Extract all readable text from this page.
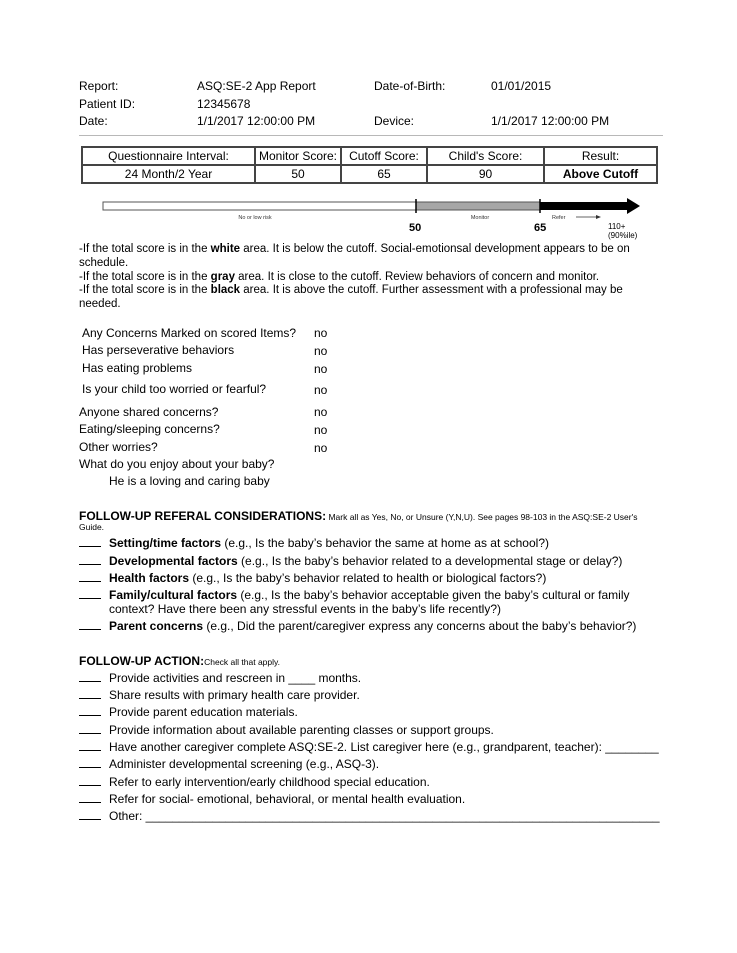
Report:	ASQ:SE-2 App Report	Date-of-Birth:	01/01/2015
Patient ID:	12345678
Date:	1/1/2017 12:00:00 PM	Device:	1/1/2017 12:00:00 PM
Questionnaire Interval:	Monitor Score:	Cutoff Score:	Child's Score:	Result:
24 Month/2 Year	50	65	90	Above Cutoff
No or low risk	Monitor	Refer
50	65	110+
(90%ile)
-If the total score is in the white area. It is below the cutoff. Social-emotionsal development appears to be on schedule.
-If the total score is in the gray area. It is close to the cutoff. Review behaviors of concern and monitor.
-If the total score is in the black area. It is above the cutoff. Further assessment with a professional may be needed.
Any Concerns Marked on scored Items? no
Has perseverative behaviors	no
Has eating problems	no
Is your child too worried or fearful?	no
Anyone shared concerns?	no
Eating/sleeping concerns?	no
Other worries?	no
What do you enjoy about your baby?
He is a loving and caring baby
FOLLOW-UP REFERAL CONSIDERATIONS: Mark all as Yes, No, or Unsure (Y,N,U). See pages 98-103 in the ASQ:SE-2 User's
Guide.
Setting/time factors (e.g., Is the baby’s behavior the same at home as at school?)
Developmental factors (e.g., Is the baby’s behavior related to a developmental stage or delay?)
Health factors (e.g., Is the baby’s behavior related to health or biological factors?)
Family/cultural factors (e.g., Is the baby’s behavior acceptable given the baby’s cultural or family
context? Have there been any stressful events in the baby’s life recently?)
Parent concerns (e.g., Did the parent/caregiver express any concerns about the baby’s behavior?)
FOLLOW-UP ACTION:Check all that apply.
Provide activities and rescreen in ____ months.
Share results with primary health care provider.
Provide parent education materials.
Provide information about available parenting classes or support groups.
Have another caregiver complete ASQ:SE-2. List caregiver here (e.g., grandparent, teacher): ________
Administer developmental screening (e.g., ASQ-3).
Refer to early intervention/early childhood special education.
Refer for social- emotional, behavioral, or mental health evaluation.
Other: _____________________________________________________________________________
